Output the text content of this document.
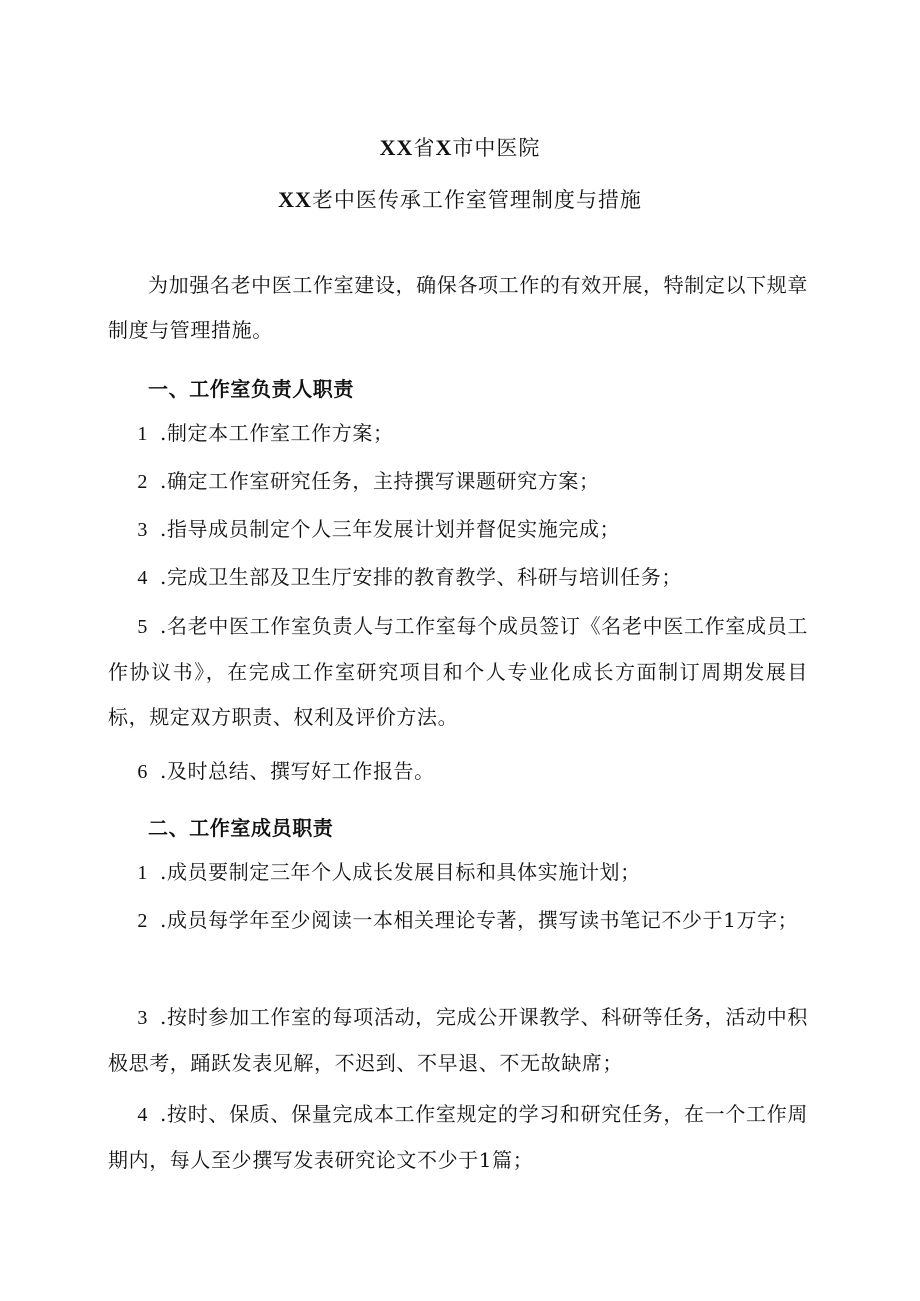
XX省X市中医院
XX老中医传承工作室管理制度与措施
为加强名老中医工作室建设，确保各项工作的有效开展，特制定以下规章制度与管理措施。
一、工作室负责人职责
1 .制定本工作室工作方案；
2 .确定工作室研究任务，主持撰写课题研究方案；
3 .指导成员制定个人三年发展计划并督促实施完成；
4 .完成卫生部及卫生厅安排的教育教学、科研与培训任务；
5 .名老中医工作室负责人与工作室每个成员签订《名老中医工作室成员工作协议书》，在完成工作室研究项目和个人专业化成长方面制订周期发展目标，规定双方职责、权利及评价方法。
6 .及时总结、撰写好工作报告。
二、工作室成员职责
1 .成员要制定三年个人成长发展目标和具体实施计划；
2 .成员每学年至少阅读一本相关理论专著，撰写读书笔记不少于1万字；
3 .按时参加工作室的每项活动，完成公开课教学、科研等任务，活动中积极思考，踊跃发表见解，不迟到、不早退、不无故缺席；
4 .按时、保质、保量完成本工作室规定的学习和研究任务，在一个工作周期内，每人至少撰写发表研究论文不少于1篇；
